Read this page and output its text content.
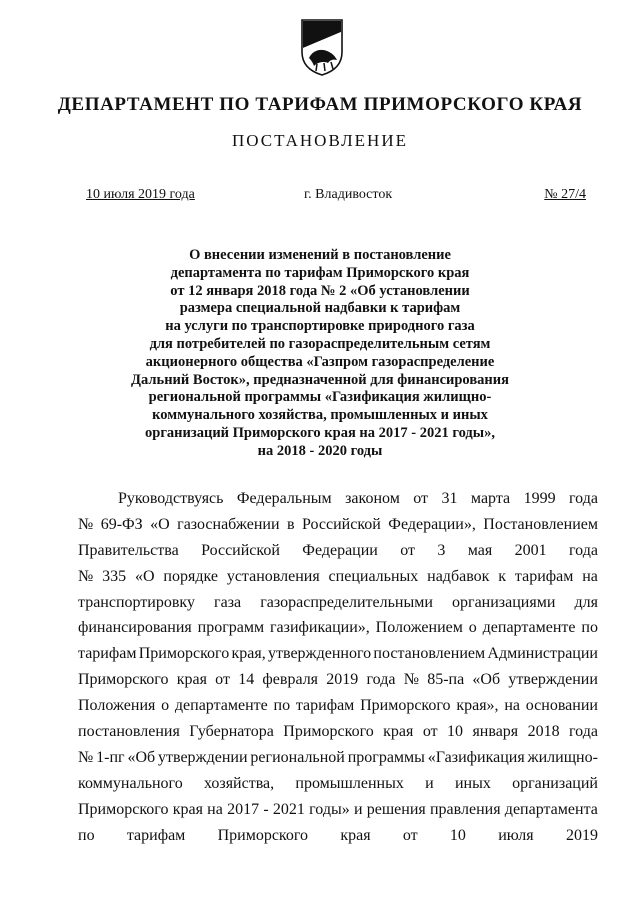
ДЕПАРТАМЕНТ ПО ТАРИФАМ ПРИМОРСКОГО КРАЯ
ПОСТАНОВЛЕНИЕ
10 июля 2019 года	г. Владивосток	№ 27/4
О внесении изменений в постановление
департамента по тарифам Приморского края
от 12 января 2018 года № 2 «Об установлении
размера специальной надбавки к тарифам
на услуги по транспортировке природного газа
для потребителей по газораспределительным сетям
акционерного общества «Газпром газораспределение
Дальний Восток», предназначенной для финансирования
региональной программы «Газификация жилищно-
коммунального хозяйства, промышленных и иных
организаций Приморского края на 2017 - 2021 годы»,
на 2018 - 2020 годы
Руководствуясь Федеральным законом от 31 марта 1999 года
№ 69-ФЗ «О газоснабжении в Российской Федерации», Постановлением
Правительства Российской Федерации от 3 мая 2001 года
№ 335 «О порядке установления специальных надбавок к тарифам на
транспортировку газа газораспределительными организациями для
финансирования программ газификации», Положением о департаменте по
тарифам Приморского края, утвержденного постановлением Администрации
Приморского края от 14 февраля 2019 года № 85-па «Об утверждении
Положения о департаменте по тарифам Приморского края», на основании
постановления Губернатора Приморского края от 10 января 2018 года
№ 1-пг «Об утверждении региональной программы «Газификация жилищно-
коммунального хозяйства, промышленных и иных организаций
Приморского края на 2017 - 2021 годы» и решения правления департамента
по тарифам Приморского края от 10 июля 2019
